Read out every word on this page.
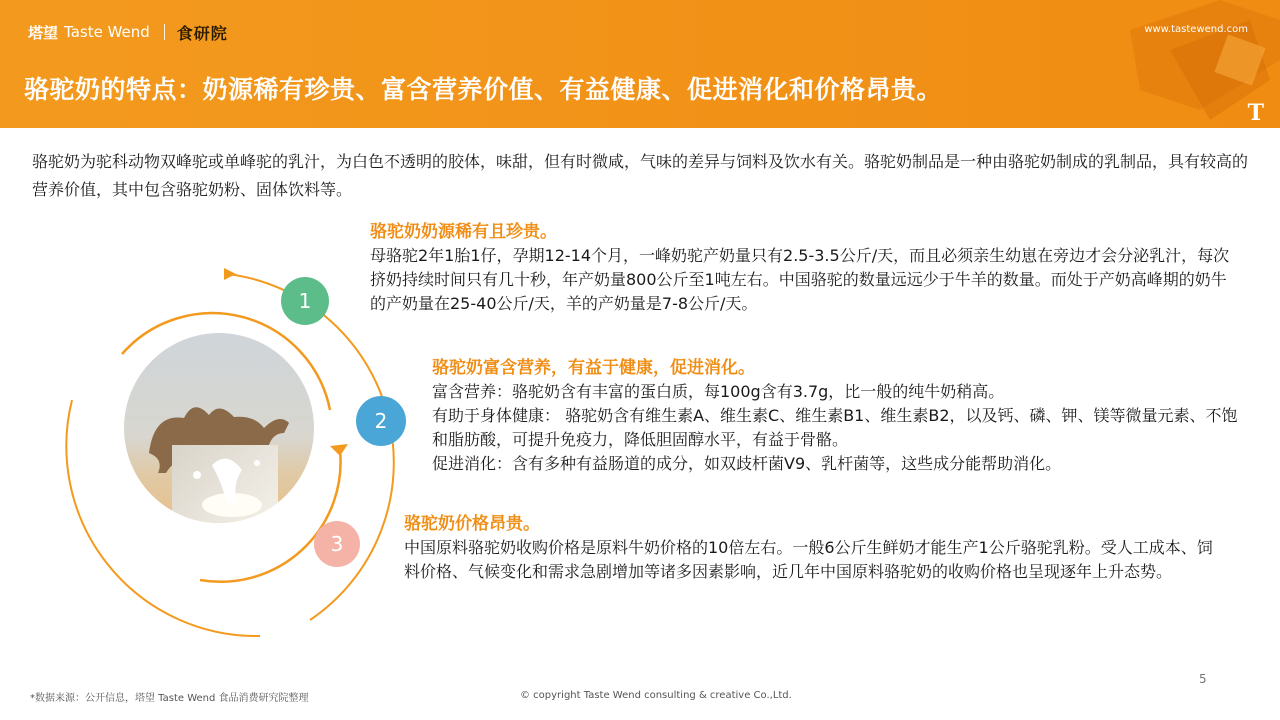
塔望 Taste Wend 食研院	www.tastewend.com
骆驼奶的特点：奶源稀有珍贵、富含营养价值、有益健康、促进消化和价格昂贵。
T
骆驼奶为驼科动物双峰驼或单峰驼的乳汁，为白色不透明的胶体，味甜，但有时微咸，气味的差异与饲料及饮水有关。骆驼奶制品是一种由骆驼奶制成的乳制品，具有较高的营养价值，其中包含骆驼奶粉、固体饮料等。
1
2
3
骆驼奶奶源稀有且珍贵。

母骆驼2年1胎1仔，孕期12-14个月，一峰奶驼产奶量只有2.5-3.5公斤/天，而且必须亲生幼崽在旁边才会分泌乳汁，每次挤奶持续时间只有几十秒，年产奶量800公斤至1吨左右。中国骆驼的数量远远少于牛羊的数量。而处于产奶高峰期的奶牛的产奶量在25-40公斤/天，羊的产奶量是7-8公斤/天。

骆驼奶富含营养，有益于健康，促进消化。

富含营养：骆驼奶含有丰富的蛋白质，每100g含有3.7g，比一般的纯牛奶稍高。

有助于身体健康： 骆驼奶含有维生素A、维生素C、维生素B1、维生素B2，以及钙、磷、钾、镁等微量元素、不饱和脂肪酸，可提升免疫力，降低胆固醇水平，有益于骨骼。

促进消化：含有多种有益肠道的成分，如双歧杆菌V9、乳杆菌等，这些成分能帮助消化。

骆驼奶价格昂贵。

中国原料骆驼奶收购价格是原料牛奶价格的10倍左右。一般6公斤生鲜奶才能生产1公斤骆驼乳粉。受人工成本、饲料价格、气候变化和需求急剧增加等诸多因素影响，近几年中国原料骆驼奶的收购价格也呈现逐年上升态势。

*数据来源：公开信息，塔望 Taste Wend 食品消费研究院整理	© copyright Taste Wend consulting & creative Co.,Ltd.
5
